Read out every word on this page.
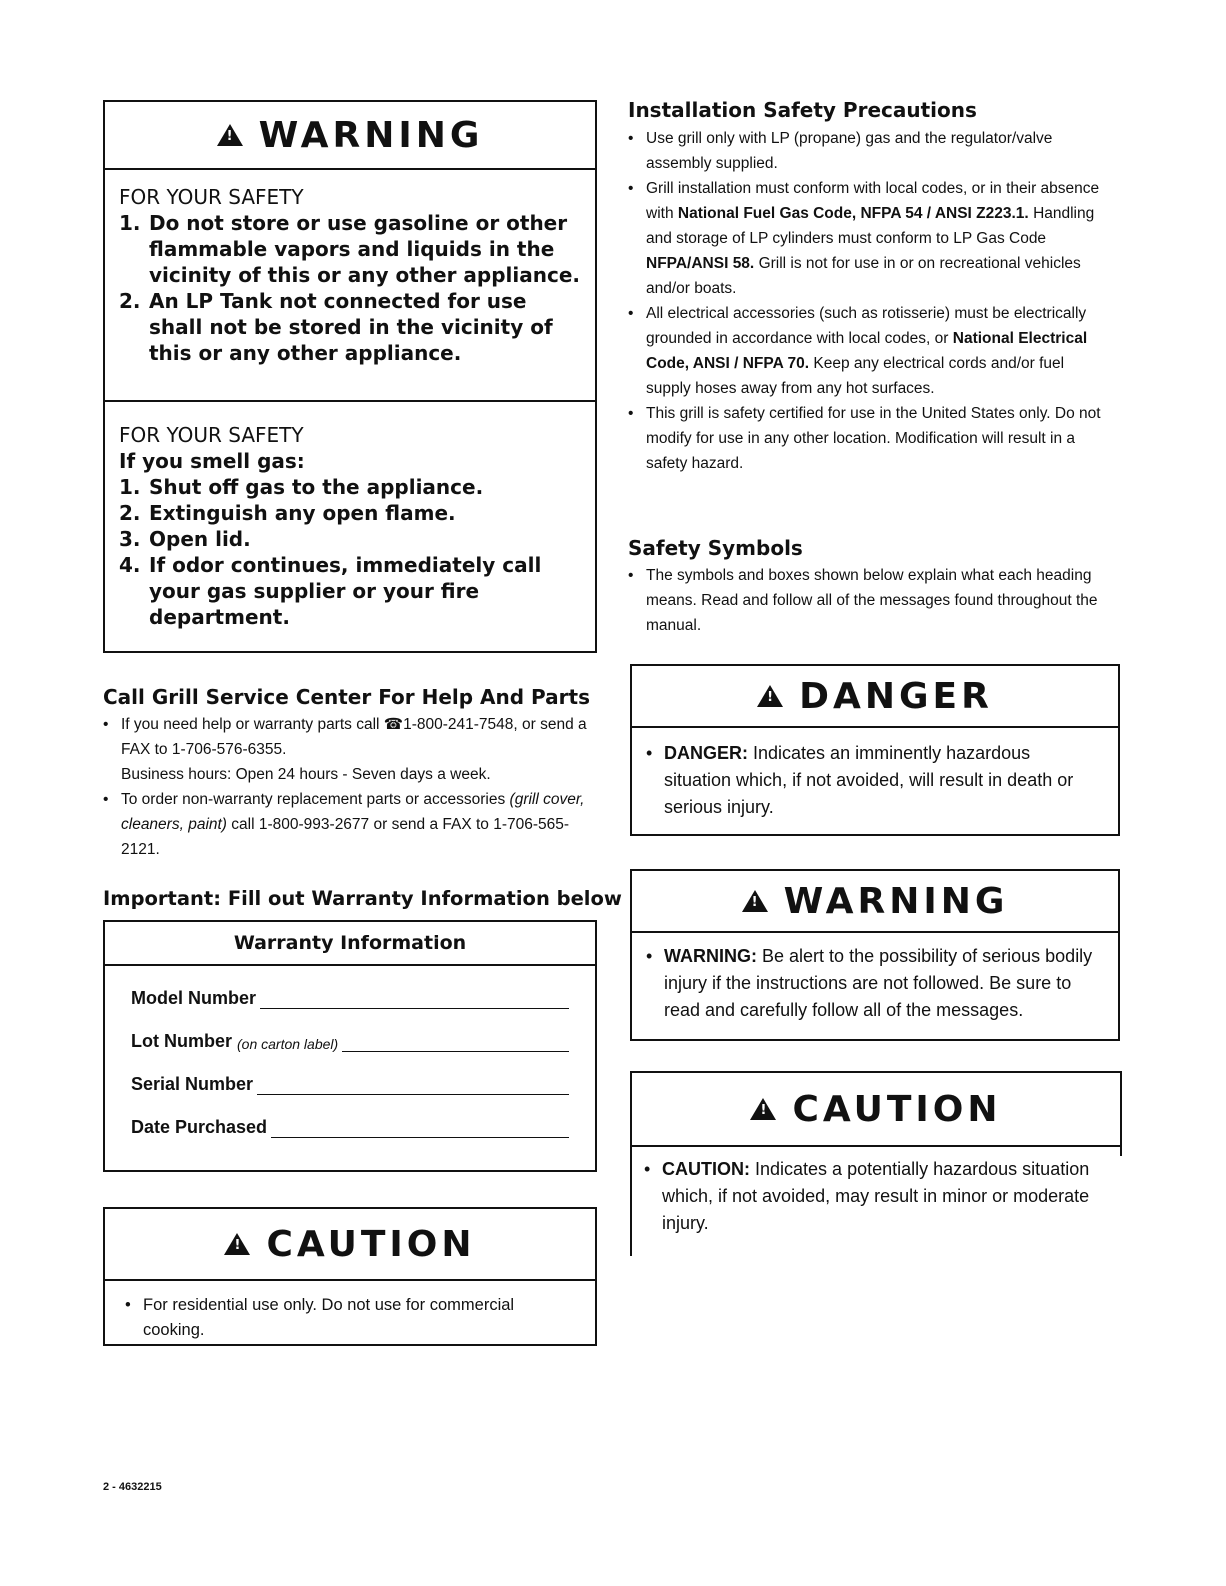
!
WARNING
FOR YOUR SAFETY
1. Do not store or use gasoline or other flammable vapors and liquids in the vicinity of this or any other appliance.
2. An LP Tank not connected for use shall not be stored in the vicinity of this or any other appliance.
FOR YOUR SAFETY
If you smell gas:
1. Shut off gas to the appliance.
2. Extinguish any open flame.
3. Open lid.
4. If odor continues, immediately call your gas supplier or your fire department.
Call Grill Service Center For Help And Parts
• If you need help or warranty parts call ☎1-800-241-7548, or send a FAX to 1-706-576-6355.
Business hours: Open 24 hours - Seven days a week.
• To order non-warranty replacement parts or accessories (grill cover, cleaners, paint) call 1-800-993-2677 or send a FAX to 1-706-565-2121.
Important: Fill out Warranty Information below
Warranty Information
Model Number
Lot Number (on carton label)
Serial Number
Date Purchased
!
CAUTION
• For residential use only. Do not use for commercial cooking.
Installation Safety Precautions
• Use grill only with LP (propane) gas and the regulator/valve assembly supplied.
• Grill installation must conform with local codes, or in their absence with National Fuel Gas Code, NFPA 54 / ANSI Z223.1. Handling and storage of LP cylinders must conform to LP Gas Code NFPA/ANSI 58. Grill is not for use in or on recreational vehicles and/or boats.
• All electrical accessories (such as rotisserie) must be electrically grounded in accordance with local codes, or National Electrical Code, ANSI / NFPA 70. Keep any electrical cords and/or fuel supply hoses away from any hot surfaces.
• This grill is safety certified for use in the United States only. Do not modify for use in any other location. Modification will result in a safety hazard.
Safety Symbols
• The symbols and boxes shown below explain what each heading means. Read and follow all of the messages found throughout the manual.
!
DANGER
• DANGER: Indicates an imminently hazardous situation which, if not avoided, will result in death or serious injury.
!
WARNING
• WARNING: Be alert to the possibility of serious bodily injury if the instructions are not followed. Be sure to read and carefully follow all of the messages.
!
CAUTION
• CAUTION: Indicates a potentially hazardous situation which, if not avoided, may result in minor or moderate injury.
2 - 4632215
